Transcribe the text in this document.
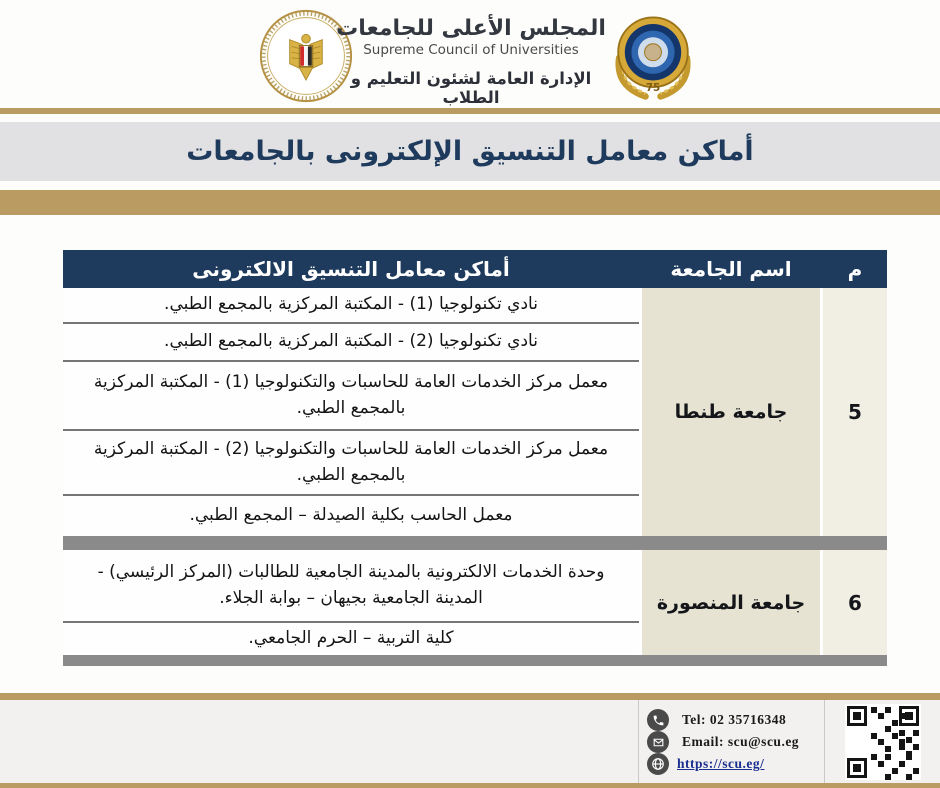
المجلس الأعلى للجامعات
Supreme Council of Universities
الإدارة العامة لشئون التعليم و الطلاب
75
أماكن معامل التنسيق الإلكترونى بالجامعات
م
اسم الجامعة
أماكن معامل التنسيق الالكترونى
5
جامعة طنطا
نادي تكنولوجيا (1) - المكتبة المركزية بالمجمع الطبي.
نادي تكنولوجيا (2) - المكتبة المركزية بالمجمع الطبي.
معمل مركز الخدمات العامة للحاسبات والتكنولوجيا (1) - المكتبة المركزية بالمجمع الطبي.
معمل مركز الخدمات العامة للحاسبات والتكنولوجيا (2) - المكتبة المركزية بالمجمع الطبي.
معمل الحاسب بكلية الصيدلة – المجمع الطبي.
6
جامعة المنصورة
وحدة الخدمات الالكترونية بالمدينة الجامعية للطالبات (المركز الرئيسي) - المدينة الجامعية بجيهان – بوابة الجلاء.
كلية التربية – الحرم الجامعي.
Tel: 02 35716348
Email: scu@scu.eg
https://scu.eg/
